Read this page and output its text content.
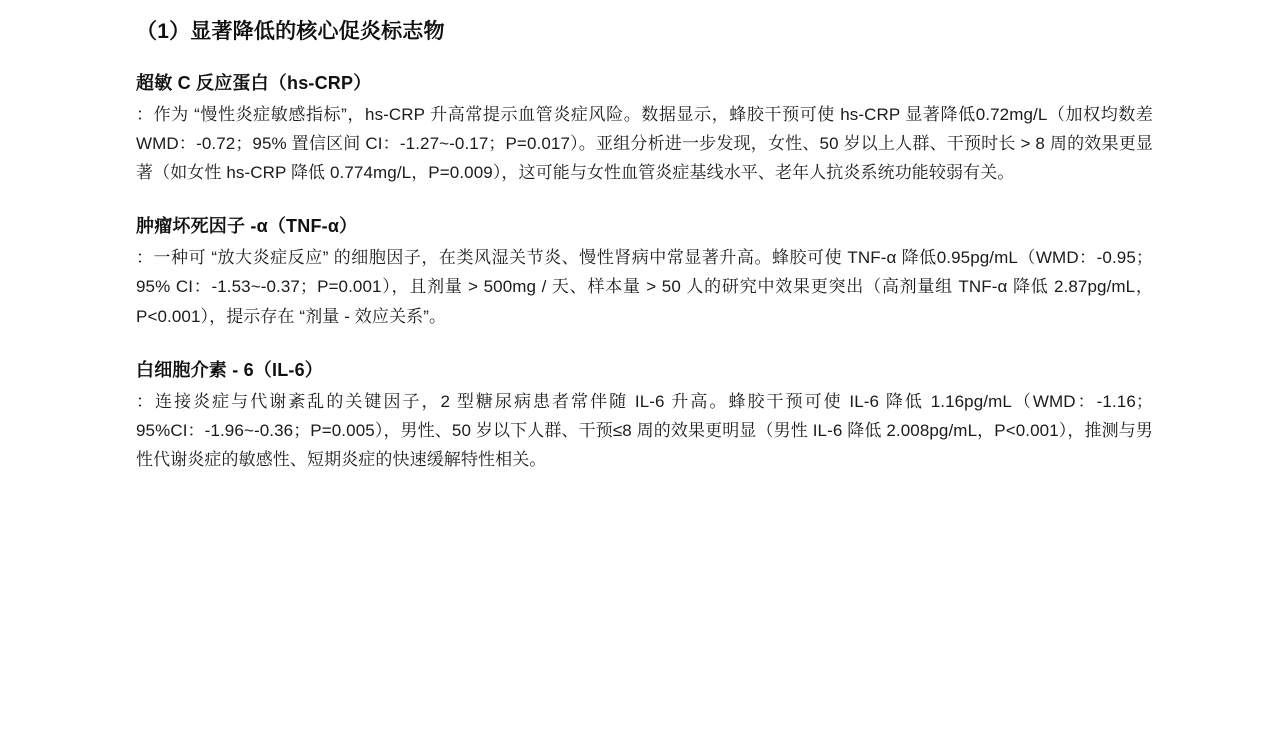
（1）显著降低的核心促炎标志物
超敏 C 反应蛋白（hs-CRP）

：作为 “慢性炎症敏感指标”，hs-CRP 升高常提示血管炎症风险。数据显示，蜂胶干预可使 hs-CRP 显著降低0.72mg/L（加权均数差 WMD：-0.72；95% 置信区间 CI：-1.27~-0.17；P=0.017）。亚组分析进一步发现，女性、50 岁以上人群、干预时长 > 8 周的效果更显著（如女性 hs-CRP 降低 0.774mg/L，P=0.009），这可能与女性血管炎症基线水平、老年人抗炎系统功能较弱有关。

肿瘤坏死因子 -α（TNF-α）

：一种可 “放大炎症反应” 的细胞因子，在类风湿关节炎、慢性肾病中常显著升高。蜂胶可使 TNF-α 降低0.95pg/mL（WMD：-0.95；95% CI：-1.53~-0.37；P=0.001），且剂量 > 500mg / 天、样本量 > 50 人的研究中效果更突出（高剂量组 TNF-α 降低 2.87pg/mL，P<0.001），提示存在 “剂量 - 效应关系”。

白细胞介素 - 6（IL-6）

：连接炎症与代谢紊乱的关键因子，2 型糖尿病患者常伴随 IL-6 升高。蜂胶干预可使 IL-6 降低 1.16pg/mL（WMD：-1.16；95%CI：-1.96~-0.36；P=0.005），男性、50 岁以下人群、干预≤8 周的效果更明显（男性 IL-6 降低 2.008pg/mL，P<0.001），推测与男性代谢炎症的敏感性、短期炎症的快速缓解特性相关。
